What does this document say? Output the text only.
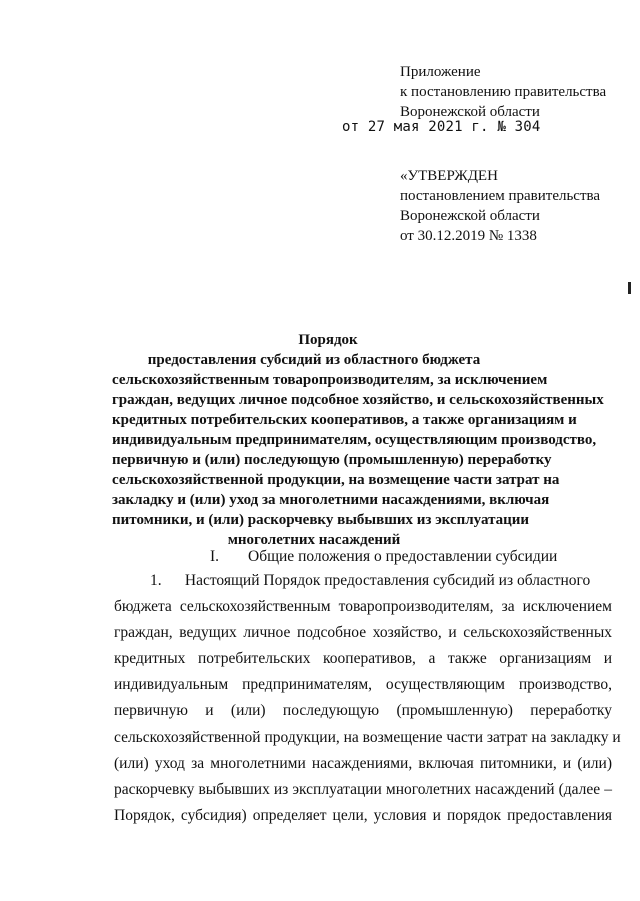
Приложение
к постановлению правительства
Воронежской области
от 27 мая 2021 г. № 304
«УТВЕРЖДЕН
постановлением правительства
Воронежской области
от 30.12.2019 № 1338
Порядок
предоставления субсидий из областного бюджета
сельскохозяйственным товаропроизводителям, за исключением
граждан, ведущих личное подсобное хозяйство, и сельскохозяйственных
кредитных потребительских кооперативов, а также организациям и
индивидуальным предпринимателям, осуществляющим производство,
первичную и (или) последующую (промышленную) переработку
сельскохозяйственной продукции, на возмещение части затрат на
закладку и (или) уход за многолетними насаждениями, включая
питомники, и (или) раскорчевку выбывших из эксплуатации
многолетних насаждений
I. Общие положения о предоставлении субсидии
1.      Настоящий Порядок предоставления субсидий из областного
бюджета сельскохозяйственным товаропроизводителям, за исключением
граждан, ведущих личное подсобное хозяйство, и сельскохозяйственных
кредитных потребительских кооперативов, а также организациям и
индивидуальным предпринимателям, осуществляющим производство,
первичную и (или) последующую (промышленную) переработку
сельскохозяйственной продукции, на возмещение части затрат на закладку и
(или) уход за многолетними насаждениями, включая питомники, и (или)
раскорчевку выбывших из эксплуатации многолетних насаждений (далее –
Порядок, субсидия) определяет цели, условия и порядок предоставления
